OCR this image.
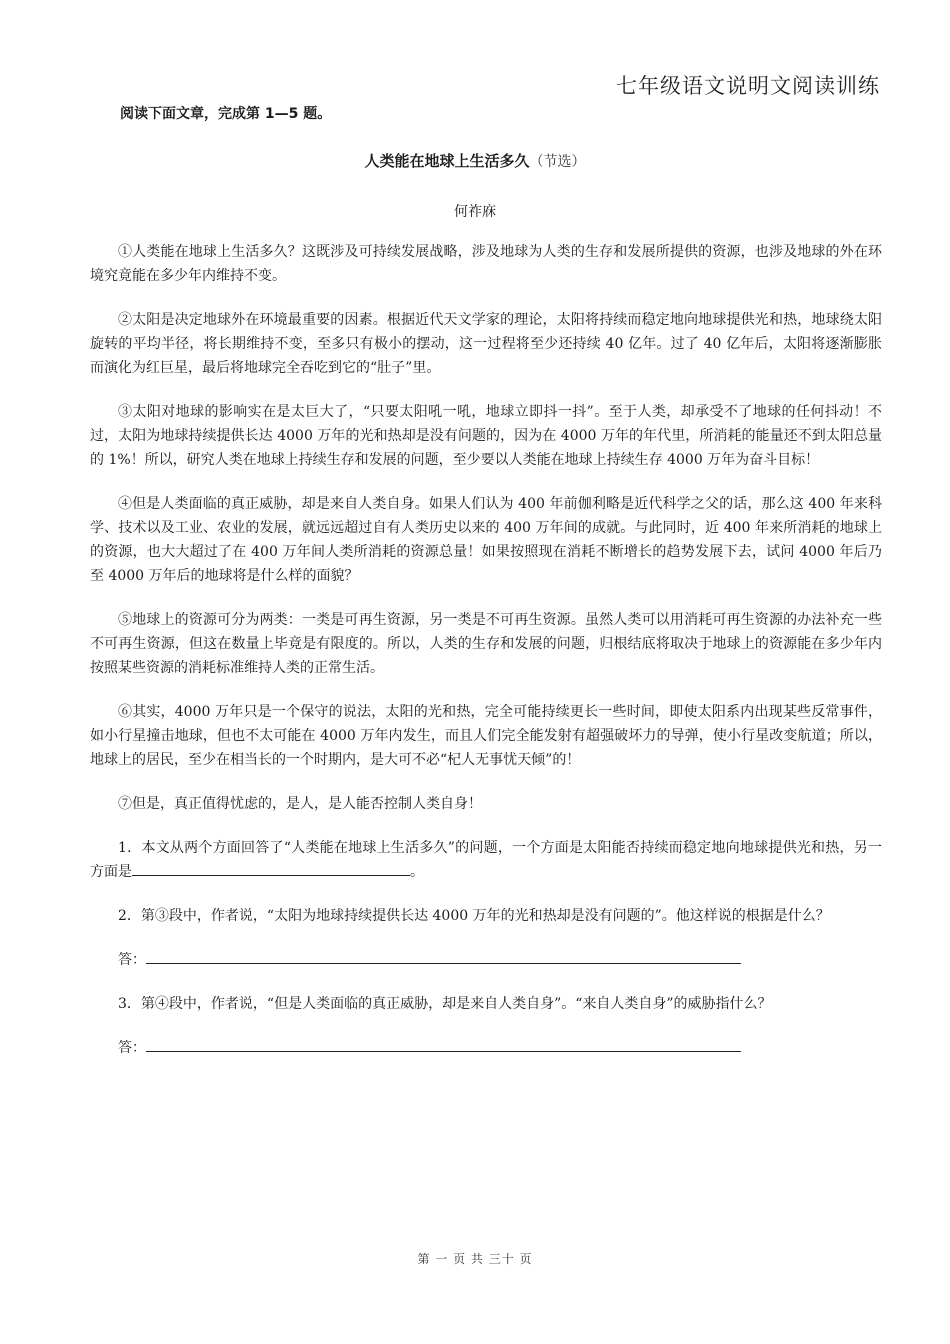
七年级语文说明文阅读训练
阅读下面文章，完成第 1—5 题。
人类能在地球上生活多久（节选）
何祚庥

①人类能在地球上生活多久？这既涉及可持续发展战略，涉及地球为人类的生存和发展所提供的资源，也涉及地球的外在环境究竟能在多少年内维持不变。

②太阳是决定地球外在环境最重要的因素。根据近代天文学家的理论，太阳将持续而稳定地向地球提供光和热，地球绕太阳旋转的平均半径，将长期维持不变，至多只有极小的摆动，这一过程将至少还持续 40 亿年。过了 40 亿年后，太阳将逐渐膨胀而演化为红巨星，最后将地球完全吞吃到它的“肚子”里。

③太阳对地球的影响实在是太巨大了，“只要太阳吼一吼，地球立即抖一抖”。至于人类，却承受不了地球的任何抖动！不过，太阳为地球持续提供长达 4000 万年的光和热却是没有问题的，因为在 4000 万年的年代里，所消耗的能量还不到太阳总量的 1%！所以，研究人类在地球上持续生存和发展的问题，至少要以人类能在地球上持续生存 4000 万年为奋斗目标！

④但是人类面临的真正威胁，却是来自人类自身。如果人们认为 400 年前伽利略是近代科学之父的话，那么这 400 年来科学、技术以及工业、农业的发展，就远远超过自有人类历史以来的 400 万年间的成就。与此同时，近 400 年来所消耗的地球上的资源，也大大超过了在 400 万年间人类所消耗的资源总量！如果按照现在消耗不断增长的趋势发展下去，试问 4000 年后乃至 4000 万年后的地球将是什么样的面貌？

⑤地球上的资源可分为两类：一类是可再生资源，另一类是不可再生资源。虽然人类可以用消耗可再生资源的办法补充一些不可再生资源，但这在数量上毕竟是有限度的。所以，人类的生存和发展的问题，归根结底将取决于地球上的资源能在多少年内按照某些资源的消耗标准维持人类的正常生活。

⑥其实，4000 万年只是一个保守的说法，太阳的光和热，完全可能持续更长一些时间，即使太阳系内出现某些反常事件，如小行星撞击地球，但也不太可能在 4000 万年内发生，而且人们完全能发射有超强破坏力的导弹，使小行星改变航道；所以，地球上的居民，至少在相当长的一个时期内，是大可不必“杞人无事忧天倾”的！

⑦但是，真正值得忧虑的，是人，是人能否控制人类自身！

1．本文从两个方面回答了“人类能在地球上生活多久”的问题，一个方面是太阳能否持续而稳定地向地球提供光和热，另一方面是	。

2．第③段中，作者说，“太阳为地球持续提供长达 4000 万年的光和热却是没有问题的”。他这样说的根据是什么？

答：

3．第④段中，作者说，“但是人类面临的真正威胁，却是来自人类自身”。“来自人类自身”的威胁指什么？

答：

第 一 页 共 三十 页
